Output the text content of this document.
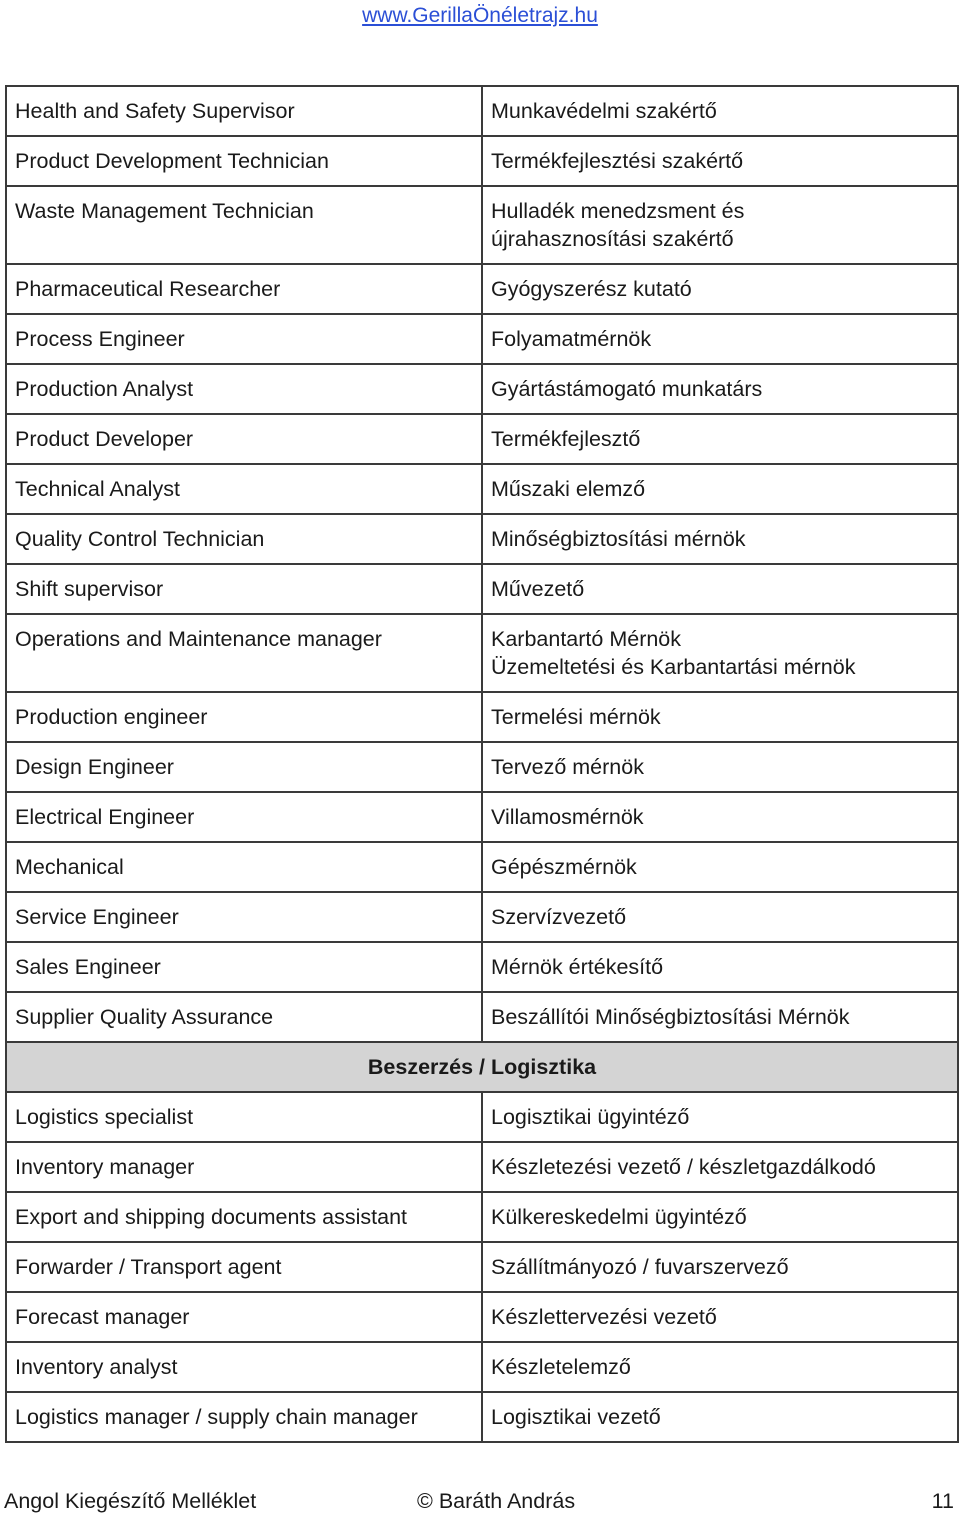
www.GerillaÖnéletrajz.hu
Health and Safety Supervisor	Munkavédelmi szakértő

Product Development Technician	Termékfejlesztési szakértő

Waste Management Technician	Hulladék menedzsment és
újrahasznosítási szakértő

Pharmaceutical Researcher	Gyógyszerész kutató

Process Engineer	Folyamatmérnök

Production Analyst	Gyártástámogató munkatárs

Product Developer	Termékfejlesztő

Technical Analyst	Műszaki elemző

Quality Control Technician	Minőségbiztosítási mérnök

Shift supervisor	Művezető

Operations and Maintenance manager	Karbantartó Mérnök
Üzemeltetési és Karbantartási mérnök

Production engineer	Termelési mérnök

Design Engineer	Tervező mérnök

Electrical Engineer	Villamosmérnök

Mechanical	Gépészmérnök

Service Engineer	Szervízvezető

Sales Engineer	Mérnök értékesítő

Supplier Quality Assurance	Beszállítói Minőségbiztosítási Mérnök

Beszerzés / Logisztika	
Logistics specialist	Logisztikai ügyintéző

Inventory manager	Készletezési vezető / készletgazdálkodó

Export and shipping documents assistant	Külkereskedelmi ügyintéző

Forwarder / Transport agent	Szállítmányozó / fuvarszervező

Forecast manager	Készlettervezési vezető

Inventory analyst	Készletelemző

Logistics manager / supply chain manager	Logisztikai vezető
Angol Kiegészítő Melléklet	© Baráth András	11
